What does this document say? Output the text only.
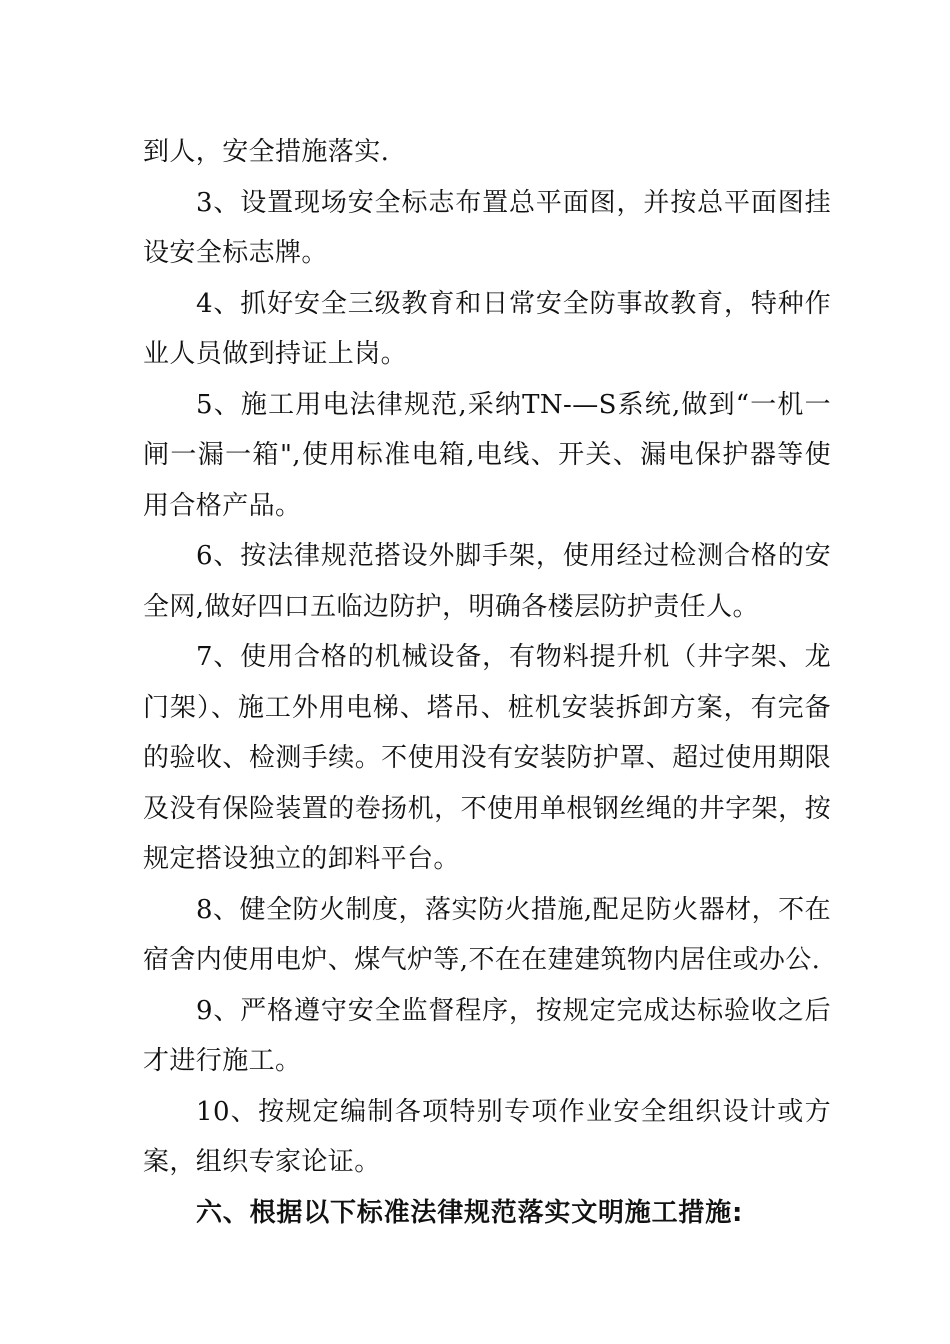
到人，安全措施落实.

3、设置现场安全标志布置总平面图，并按总平面图挂设安全标志牌。

4、抓好安全三级教育和日常安全防事故教育，特种作业人员做到持证上岗。

5、施工用电法律规范,采纳TN-—S系统,做到“一机一闸一漏一箱",使用标准电箱,电线、开关、漏电保护器等使用合格产品。

6、按法律规范搭设外脚手架，使用经过检测合格的安全网,做好四口五临边防护，明确各楼层防护责任人。

7、使用合格的机械设备，有物料提升机（井字架、龙门架）、施工外用电梯、塔吊、桩机安装拆卸方案，有完备的验收、检测手续。不使用没有安装防护罩、超过使用期限及没有保险装置的卷扬机，不使用单根钢丝绳的井字架，按规定搭设独立的卸料平台。

8、健全防火制度，落实防火措施,配足防火器材，不在宿舍内使用电炉、煤气炉等,不在在建建筑物内居住或办公.

9、严格遵守安全监督程序，按规定完成达标验收之后才进行施工。

10、按规定编制各项特别专项作业安全组织设计或方案，组织专家论证。

六、根据以下标准法律规范落实文明施工措施:
